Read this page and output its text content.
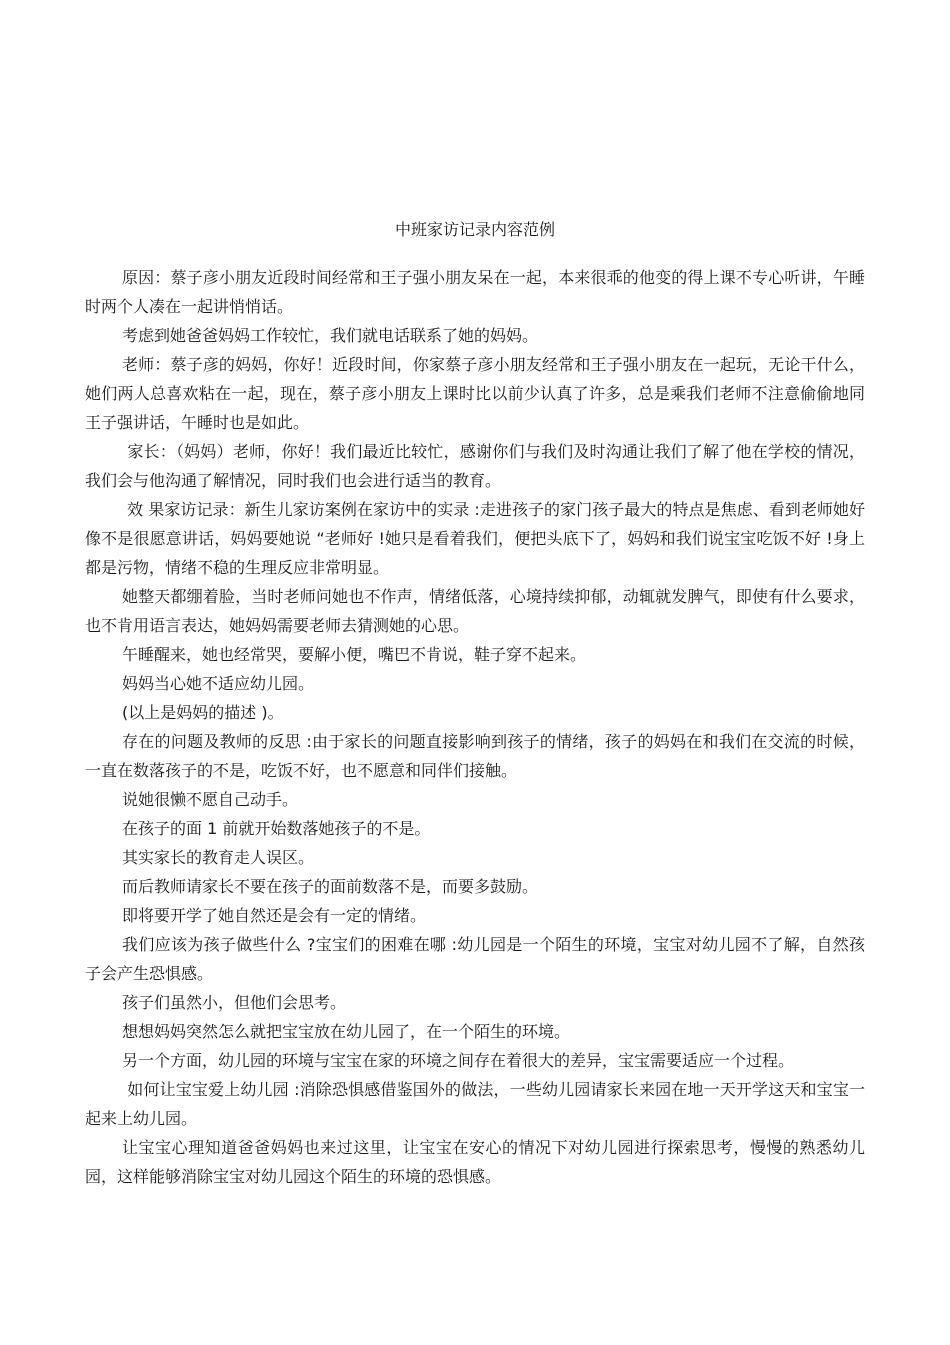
中班家访记录内容范例

原因：蔡子彦小朋友近段时间经常和王子强小朋友呆在一起，本来很乖的他变的得上课不专心听讲，午睡时两个人凑在一起讲悄悄话。

考虑到她爸爸妈妈工作较忙，我们就电话联系了她的妈妈。

老师：蔡子彦的妈妈，你好！近段时间，你家蔡子彦小朋友经常和王子强小朋友在一起玩，无论干什么，她们两人总喜欢粘在一起，现在，蔡子彦小朋友上课时比以前少认真了许多，总是乘我们老师不注意偷偷地同王子强讲话，午睡时也是如此。

家长：（妈妈）老师，你好！我们最近比较忙，感谢你们与我们及时沟通让我们了解了他在学校的情况，我们会与他沟通了解情况，同时我们也会进行适当的教育。

效 果家访记录：新生儿家访案例在家访中的实录 :走进孩子的家门孩子最大的特点是焦虑、看到老师她好像不是很愿意讲话，妈妈要她说 “老师好 !她只是看着我们，便把头底下了，妈妈和我们说宝宝吃饭不好 !身上都是污物，情绪不稳的生理反应非常明显。

她整天都绷着脸，当时老师问她也不作声，情绪低落，心境持续抑郁，动辄就发脾气，即使有什么要求，也不肯用语言表达，她妈妈需要老师去猜测她的心思。

午睡醒来，她也经常哭，要解小便，嘴巴不肯说，鞋子穿不起来。

妈妈当心她不适应幼儿园。

(以上是妈妈的描述 )。

存在的问题及教师的反思 :由于家长的问题直接影响到孩子的情绪，孩子的妈妈在和我们在交流的时候，一直在数落孩子的不是，吃饭不好，也不愿意和同伴们接触。

说她很懒不愿自己动手。

在孩子的面 1 前就开始数落她孩子的不是。

其实家长的教育走人误区。

而后教师请家长不要在孩子的面前数落不是，而要多鼓励。

即将要开学了她自然还是会有一定的情绪。

我们应该为孩子做些什么 ?宝宝们的困难在哪 :幼儿园是一个陌生的环境，宝宝对幼儿园不了解，自然孩子会产生恐惧感。

孩子们虽然小，但他们会思考。

想想妈妈突然怎么就把宝宝放在幼儿园了，在一个陌生的环境。

另一个方面，幼儿园的环境与宝宝在家的环境之间存在着很大的差异，宝宝需要适应一个过程。

如何让宝宝爱上幼儿园 :消除恐惧感借鉴国外的做法，一些幼儿园请家长来园在地一天开学这天和宝宝一起来上幼儿园。

让宝宝心理知道爸爸妈妈也来过这里，让宝宝在安心的情况下对幼儿园进行探索思考，慢慢的熟悉幼儿园，这样能够消除宝宝对幼儿园这个陌生的环境的恐惧感。
